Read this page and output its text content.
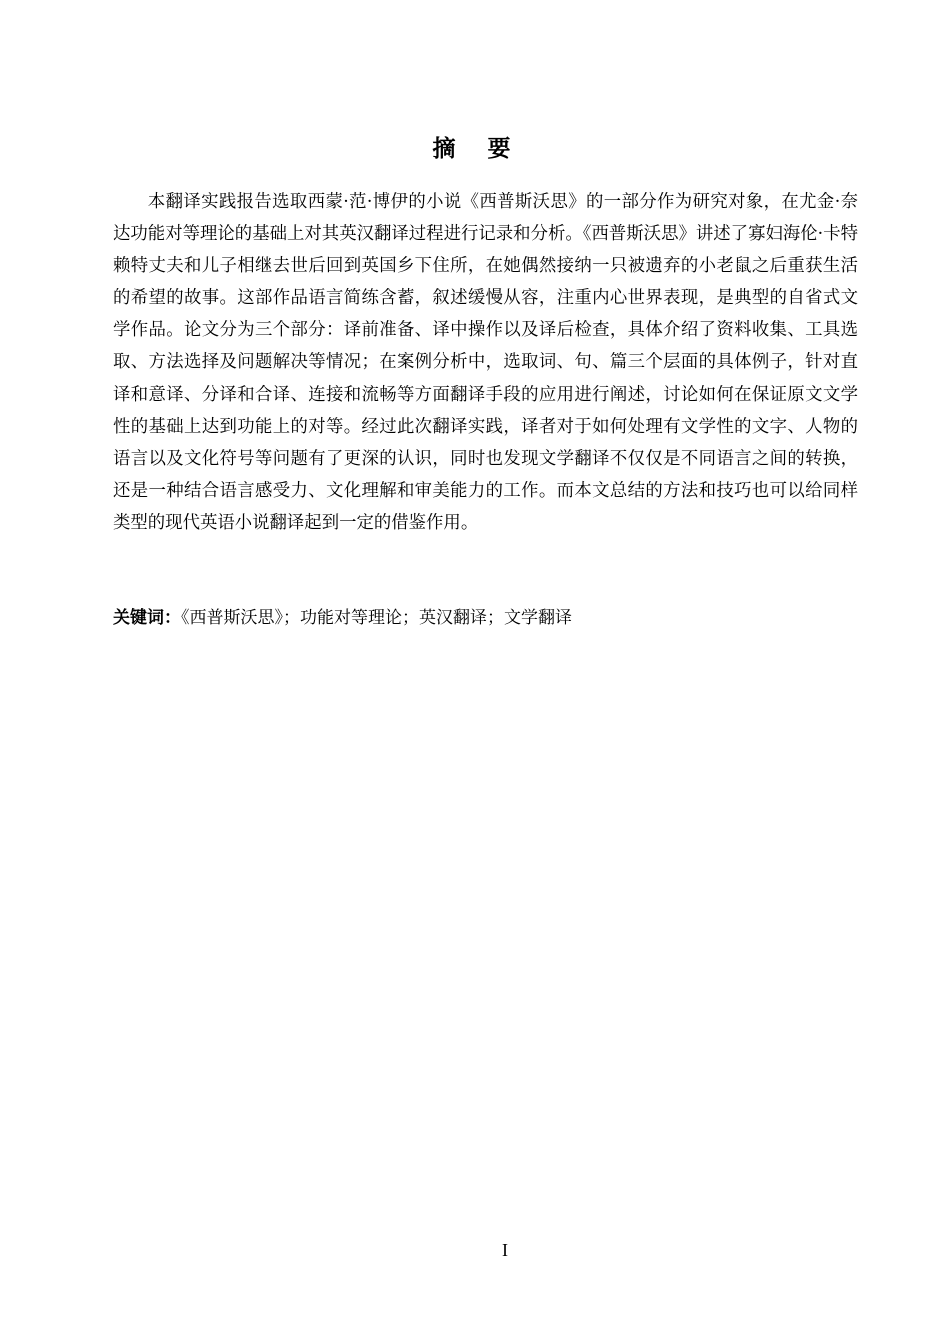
摘要

本翻译实践报告选取西蒙·范·博伊的小说《西普斯沃思》的一部分作为研究对象，在尤金·奈达功能对等理论的基础上对其英汉翻译过程进行记录和分析。《西普斯沃思》讲述了寡妇海伦·卡特赖特丈夫和儿子相继去世后回到英国乡下住所，在她偶然接纳一只被遗弃的小老鼠之后重获生活的希望的故事。这部作品语言简练含蓄，叙述缓慢从容，注重内心世界表现，是典型的自省式文学作品。论文分为三个部分：译前准备、译中操作以及译后检查，具体介绍了资料收集、工具选取、方法选择及问题解决等情况；在案例分析中，选取词、句、篇三个层面的具体例子，针对直译和意译、分译和合译、连接和流畅等方面翻译手段的应用进行阐述，讨论如何在保证原文文学性的基础上达到功能上的对等。经过此次翻译实践，译者对于如何处理有文学性的文字、人物的语言以及文化符号等问题有了更深的认识，同时也发现文学翻译不仅仅是不同语言之间的转换，还是一种结合语言感受力、文化理解和审美能力的工作。而本文总结的方法和技巧也可以给同样类型的现代英语小说翻译起到一定的借鉴作用。

关键词：《西普斯沃思》；功能对等理论；英汉翻译；文学翻译

I
